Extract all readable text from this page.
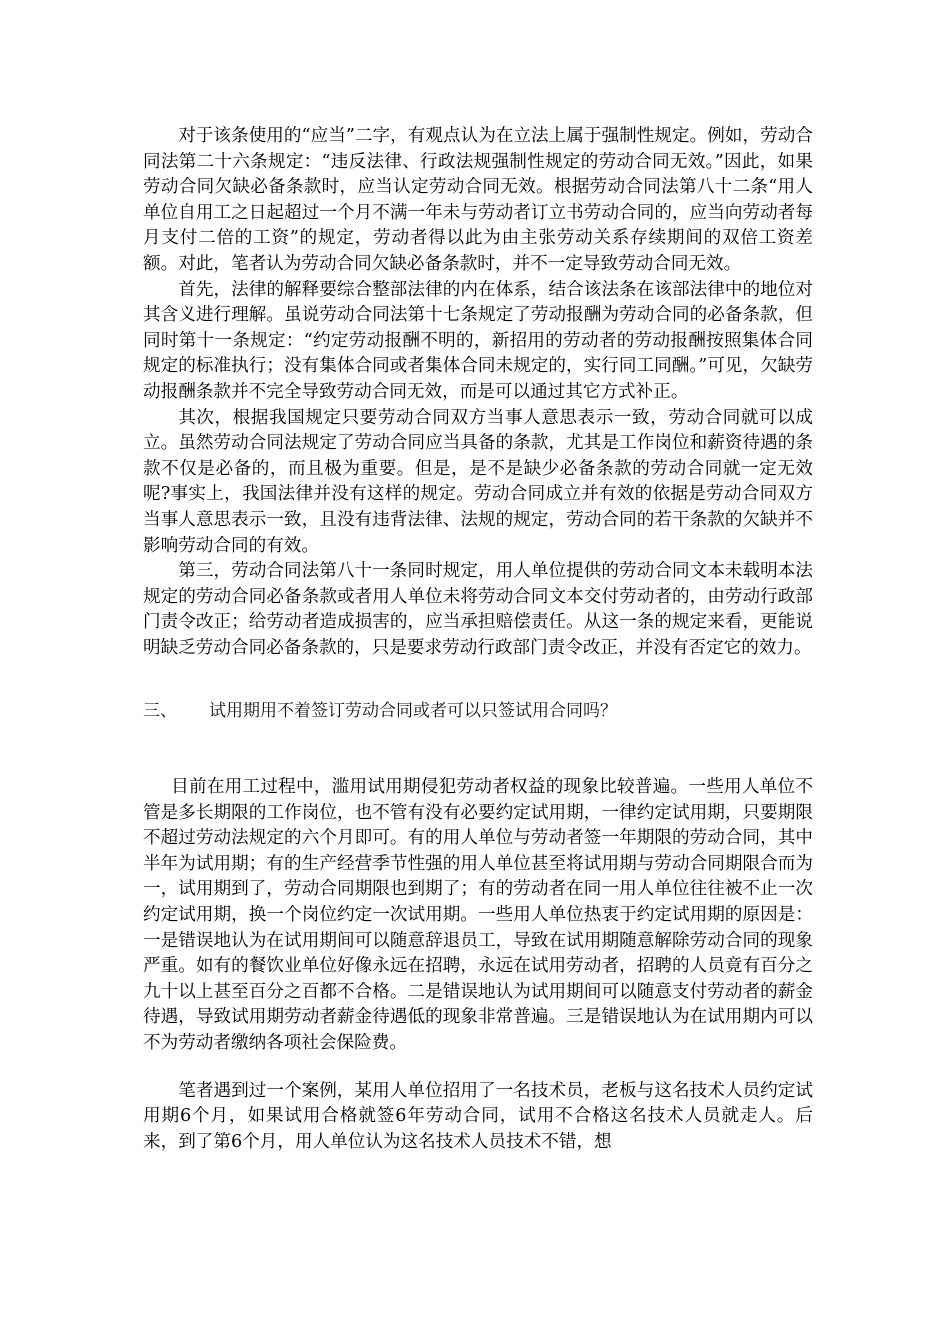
对于该条使用的“应当”二字，有观点认为在立法上属于强制性规定。例如，劳动合同法第二十六条规定：“违反法律、行政法规强制性规定的劳动合同无效。”因此，如果劳动合同欠缺必备条款时，应当认定劳动合同无效。根据劳动合同法第八十二条“用人单位自用工之日起超过一个月不满一年未与劳动者订立书劳动合同的，应当向劳动者每月支付二倍的工资”的规定，劳动者得以此为由主张劳动关系存续期间的双倍工资差额。对此，笔者认为劳动合同欠缺必备条款时，并不一定导致劳动合同无效。

首先，法律的解释要综合整部法律的内在体系，结合该法条在该部法律中的地位对其含义进行理解。虽说劳动合同法第十七条规定了劳动报酬为劳动合同的必备条款，但同时第十一条规定：“约定劳动报酬不明的，新招用的劳动者的劳动报酬按照集体合同规定的标准执行；没有集体合同或者集体合同未规定的，实行同工同酬。”可见，欠缺劳动报酬条款并不完全导致劳动合同无效，而是可以通过其它方式补正。

其次，根据我国规定只要劳动合同双方当事人意思表示一致，劳动合同就可以成立。虽然劳动合同法规定了劳动合同应当具备的条款，尤其是工作岗位和薪资待遇的条款不仅是必备的，而且极为重要。但是，是不是缺少必备条款的劳动合同就一定无效呢?事实上，我国法律并没有这样的规定。劳动合同成立并有效的依据是劳动合同双方当事人意思表示一致，且没有违背法律、法规的规定，劳动合同的若干条款的欠缺并不影响劳动合同的有效。

第三，劳动合同法第八十一条同时规定，用人单位提供的劳动合同文本未载明本法规定的劳动合同必备条款或者用人单位未将劳动合同文本交付劳动者的，由劳动行政部门责令改正；给劳动者造成损害的，应当承担赔偿责任。从这一条的规定来看，更能说明缺乏劳动合同必备条款的，只是要求劳动行政部门责令改正，并没有否定它的效力。

三、	试用期用不着签订劳动合同或者可以只签试用合同吗？

目前在用工过程中，滥用试用期侵犯劳动者权益的现象比较普遍。一些用人单位不管是多长期限的工作岗位，也不管有没有必要约定试用期，一律约定试用期，只要期限不超过劳动法规定的六个月即可。有的用人单位与劳动者签一年期限的劳动合同，其中半年为试用期；有的生产经营季节性强的用人单位甚至将试用期与劳动合同期限合而为一，试用期到了，劳动合同期限也到期了；有的劳动者在同一用人单位往往被不止一次约定试用期，换一个岗位约定一次试用期。一些用人单位热衷于约定试用期的原因是：一是错误地认为在试用期间可以随意辞退员工，导致在试用期随意解除劳动合同的现象严重。如有的餐饮业单位好像永远在招聘，永远在试用劳动者，招聘的人员竟有百分之九十以上甚至百分之百都不合格。二是错误地认为试用期间可以随意支付劳动者的薪金待遇，导致试用期劳动者薪金待遇低的现象非常普遍。三是错误地认为在试用期内可以不为劳动者缴纳各项社会保险费。

笔者遇到过一个案例，某用人单位招用了一名技术员，老板与这名技术人员约定试用期6个月，如果试用合格就签6年劳动合同，试用不合格这名技术人员就走人。后来，到了第6个月，用人单位认为这名技术人员技术不错，想
